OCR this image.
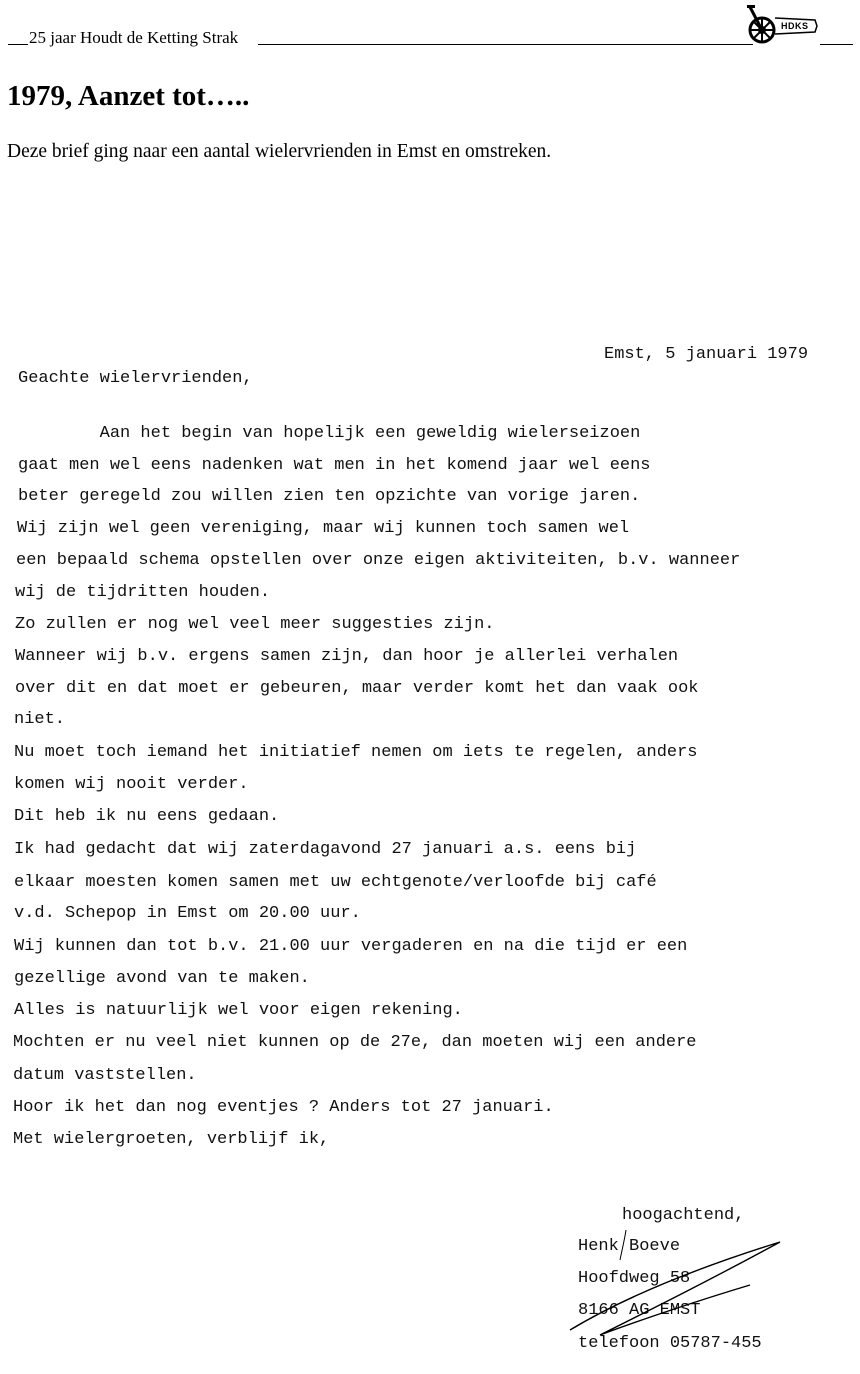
25 jaar Houdt de Ketting Strak
HDKS
1979, Aanzet tot…..

Deze brief ging naar een aantal wielervrienden in Emst en omstreken.

Emst, 5 januari 1979
Geachte wielervrienden,
Aan het begin van hopelijk een geweldig wielerseizoen
gaat men wel eens nadenken wat men in het komend jaar wel eens
beter geregeld zou willen zien ten opzichte van vorige jaren.
Wij zijn wel geen vereniging, maar wij kunnen toch samen wel
een bepaald schema opstellen over onze eigen aktiviteiten, b.v. wanneer
wij de tijdritten houden.
Zo zullen er nog wel veel meer suggesties zijn.
Wanneer wij b.v. ergens samen zijn, dan hoor je allerlei verhalen
over dit en dat moet er gebeuren, maar verder komt het dan vaak ook
niet.
Nu moet toch iemand het initiatief nemen om iets te regelen, anders
komen wij nooit verder.
Dit heb ik nu eens gedaan.
Ik had gedacht dat wij zaterdagavond 27 januari a.s. eens bij
elkaar moesten komen samen met uw echtgenote/verloofde bij café
v.d. Schepop in Emst om 20.00 uur.
Wij kunnen dan tot b.v. 21.00 uur vergaderen en na die tijd er een
gezellige avond van te maken.
Alles is natuurlijk wel voor eigen rekening.
Mochten er nu veel niet kunnen op de 27e, dan moeten wij een andere
datum vaststellen.
Hoor ik het dan nog eventjes ? Anders tot 27 januari.
Met wielergroeten, verblijf ik,
hoogachtend,
Henk Boeve
Hoofdweg 58
8166 AG EMST
telefoon 05787-455
